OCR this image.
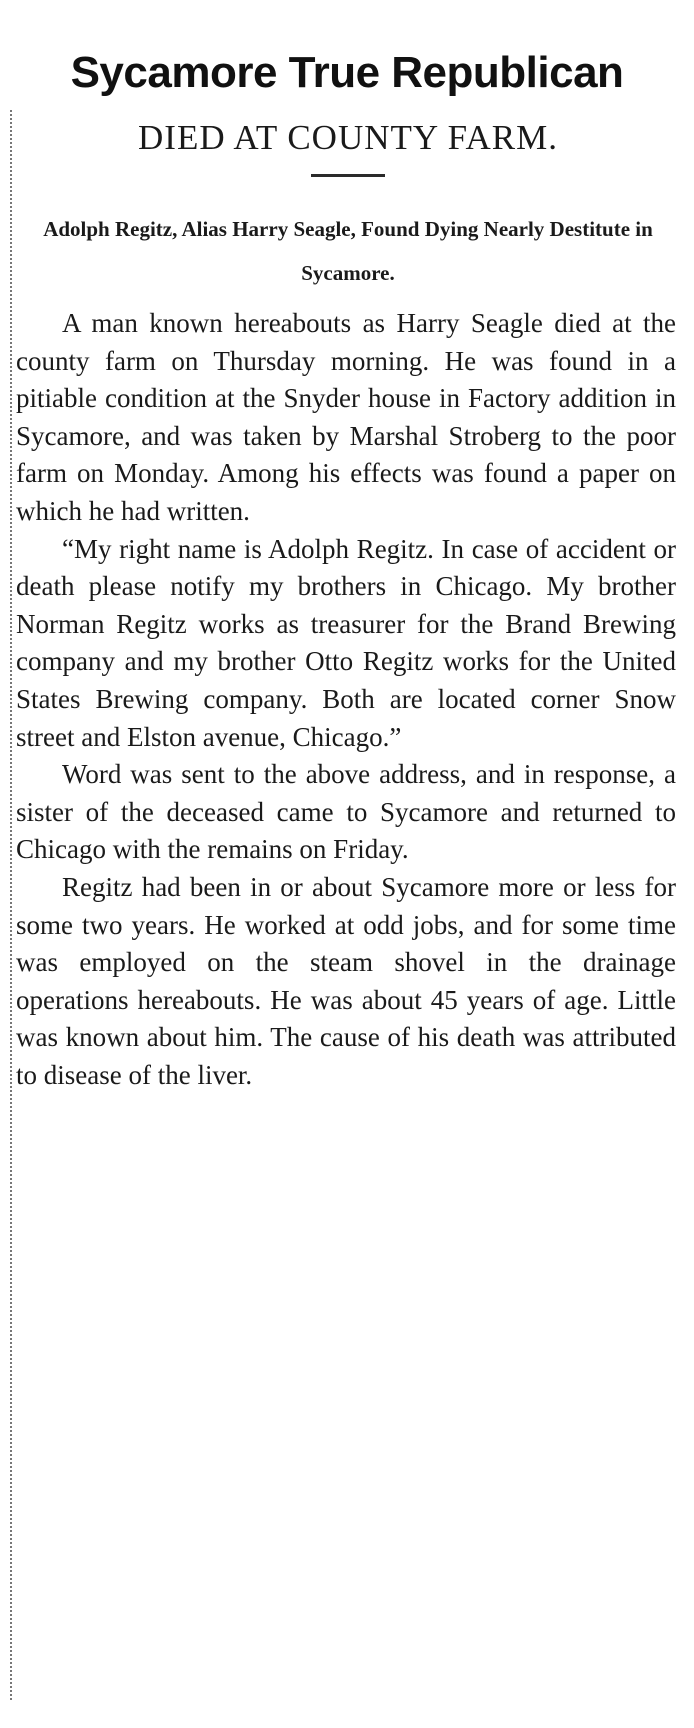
Sycamore True Republican
DIED AT COUNTY FARM.
Adolph Regitz, Alias Harry Seagle, Found Dying Nearly Destitute in Sycamore.

A man known hereabouts as Harry Seagle died at the county farm on Thursday morning. He was found in a pitiable condition at the Snyder house in Factory addition in Sycamore, and was taken by Marshal Stroberg to the poor farm on Monday. Among his effects was found a paper on which he had written.

“My right name is Adolph Regitz. In case of accident or death please notify my brothers in Chicago. My brother Norman Regitz works as treasurer for the Brand Brewing company and my brother Otto Regitz works for the United States Brewing company. Both are located corner Snow street and Elston avenue, Chicago.”

Word was sent to the above address, and in response, a sister of the deceased came to Sycamore and returned to Chicago with the remains on Friday.

Regitz had been in or about Sycamore more or less for some two years. He worked at odd jobs, and for some time was employed on the steam shovel in the drainage operations hereabouts. He was about 45 years of age. Little was known about him. The cause of his death was attributed to disease of the liver.
